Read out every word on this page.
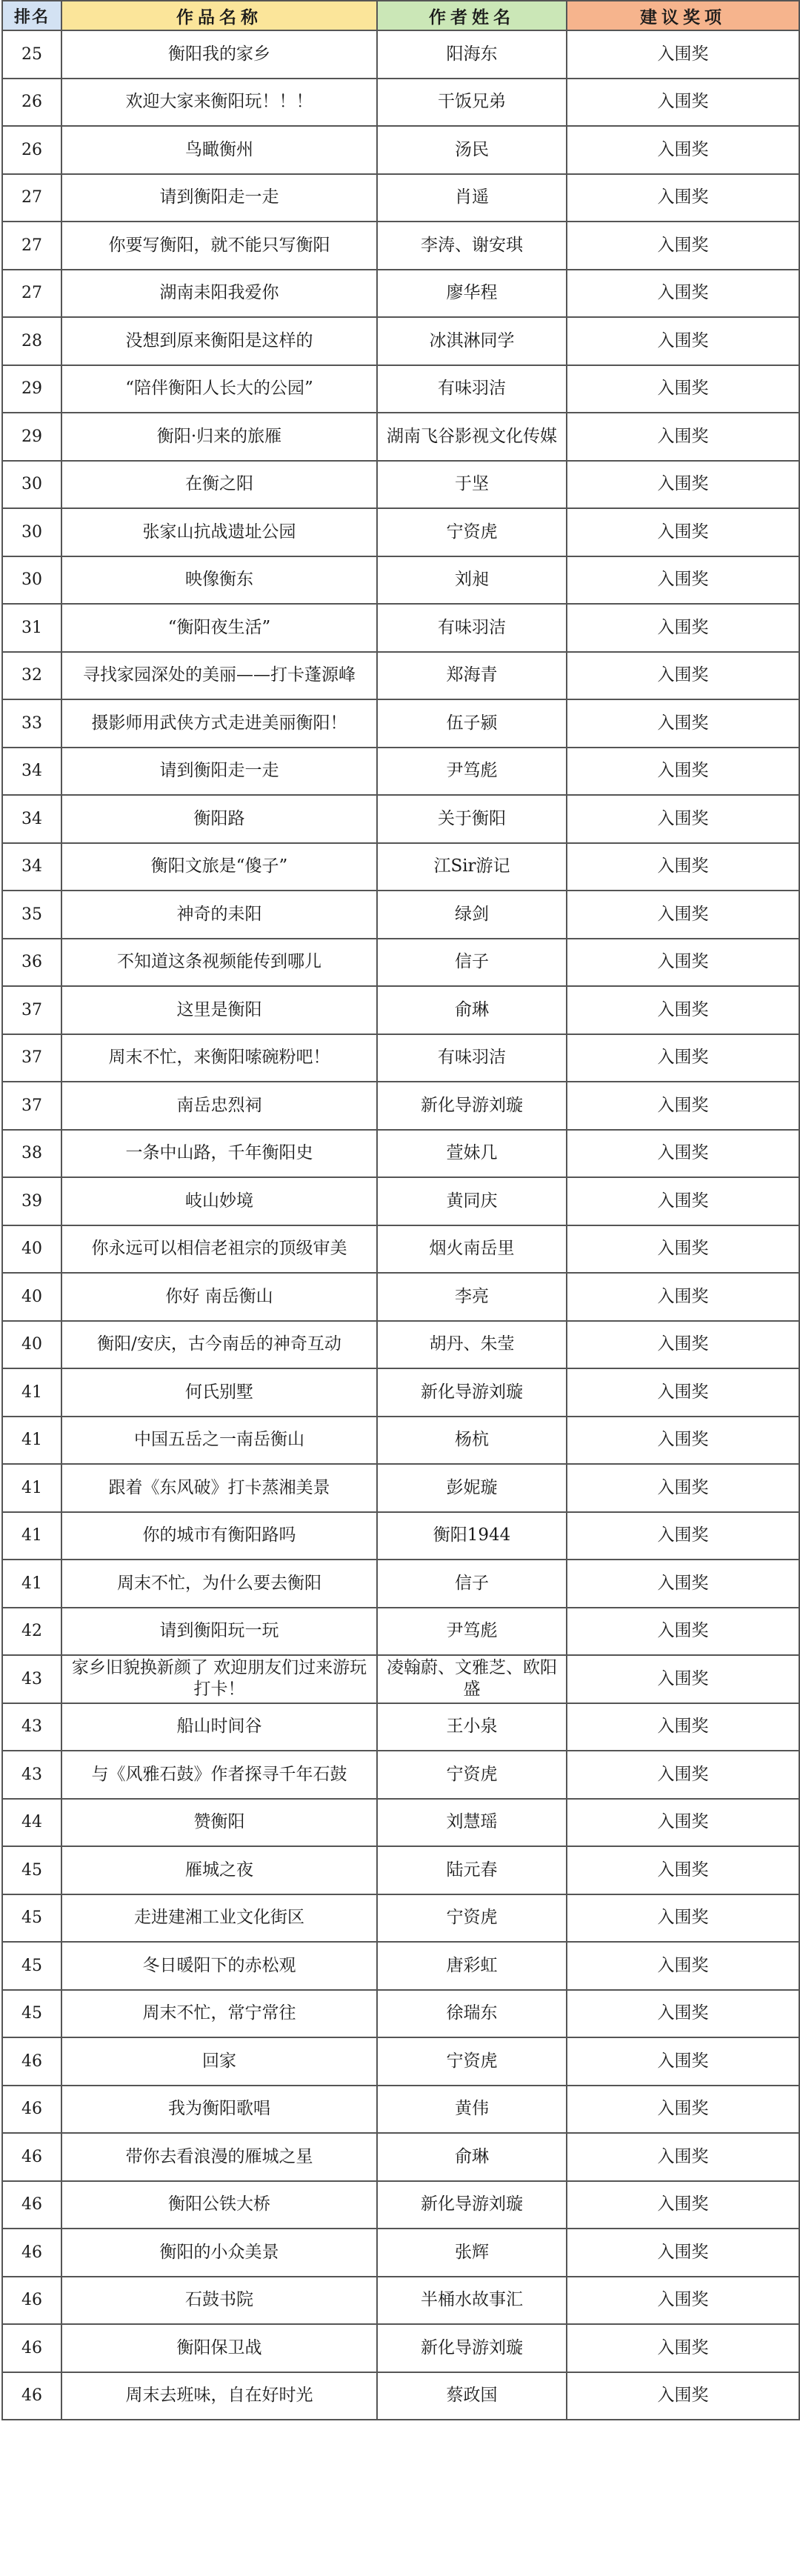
排名	作品名称	作者姓名	建议奖项
25	衡阳我的家乡	阳海东	入围奖
26	欢迎大家来衡阳玩！！！	干饭兄弟	入围奖
26	鸟瞰衡州	汤民	入围奖
27	请到衡阳走一走	肖遥	入围奖
27	你要写衡阳，就不能只写衡阳	李涛、谢安琪	入围奖
27	湖南耒阳我爱你	廖华程	入围奖
28	没想到原来衡阳是这样的	冰淇淋同学	入围奖
29	“陪伴衡阳人长大的公园”	有味羽洁	入围奖
29	衡阳·归来的旅雁	湖南飞谷影视文化传媒	入围奖
30	在衡之阳	于坚	入围奖
30	张家山抗战遗址公园	宁资虎	入围奖
30	映像衡东	刘昶	入围奖
31	“衡阳夜生活”	有味羽洁	入围奖
32	寻找家园深处的美丽——打卡蓬源峰	郑海青	入围奖
33	摄影师用武侠方式走进美丽衡阳！	伍子颍	入围奖
34	请到衡阳走一走	尹笃彪	入围奖
34	衡阳路	关于衡阳	入围奖
34	衡阳文旅是“傻子”	江Sir游记	入围奖
35	神奇的耒阳	绿剑	入围奖
36	不知道这条视频能传到哪儿	信子	入围奖
37	这里是衡阳	俞琳	入围奖
37	周末不忙，来衡阳嗦碗粉吧！	有味羽洁	入围奖
37	南岳忠烈祠	新化导游刘璇	入围奖
38	一条中山路，千年衡阳史	萱妹几	入围奖
39	岐山妙境	黄同庆	入围奖
40	你永远可以相信老祖宗的顶级审美	烟火南岳里	入围奖
40	你好 南岳衡山	李亮	入围奖
40	衡阳/安庆，古今南岳的神奇互动	胡丹、朱莹	入围奖
41	何氏别墅	新化导游刘璇	入围奖
41	中国五岳之一南岳衡山	杨杭	入围奖
41	跟着《东风破》打卡蒸湘美景	彭妮璇	入围奖
41	你的城市有衡阳路吗	衡阳1944	入围奖
41	周末不忙，为什么要去衡阳	信子	入围奖
42	请到衡阳玩一玩	尹笃彪	入围奖
43	家乡旧貌换新颜了 欢迎朋友们过来游玩打卡！	凌翰蔚、文雅芝、欧阳盛	入围奖
43	船山时间谷	王小泉	入围奖
43	与《风雅石鼓》作者探寻千年石鼓	宁资虎	入围奖
44	赞衡阳	刘慧瑶	入围奖
45	雁城之夜	陆元春	入围奖
45	走进建湘工业文化街区	宁资虎	入围奖
45	冬日暖阳下的赤松观	唐彩虹	入围奖
45	周末不忙，常宁常往	徐瑞东	入围奖
46	回家	宁资虎	入围奖
46	我为衡阳歌唱	黄伟	入围奖
46	带你去看浪漫的雁城之星	俞琳	入围奖
46	衡阳公铁大桥	新化导游刘璇	入围奖
46	衡阳的小众美景	张辉	入围奖
46	石鼓书院	半桶水故事汇	入围奖
46	衡阳保卫战	新化导游刘璇	入围奖
46	周末去班味，自在好时光	蔡政国	入围奖
